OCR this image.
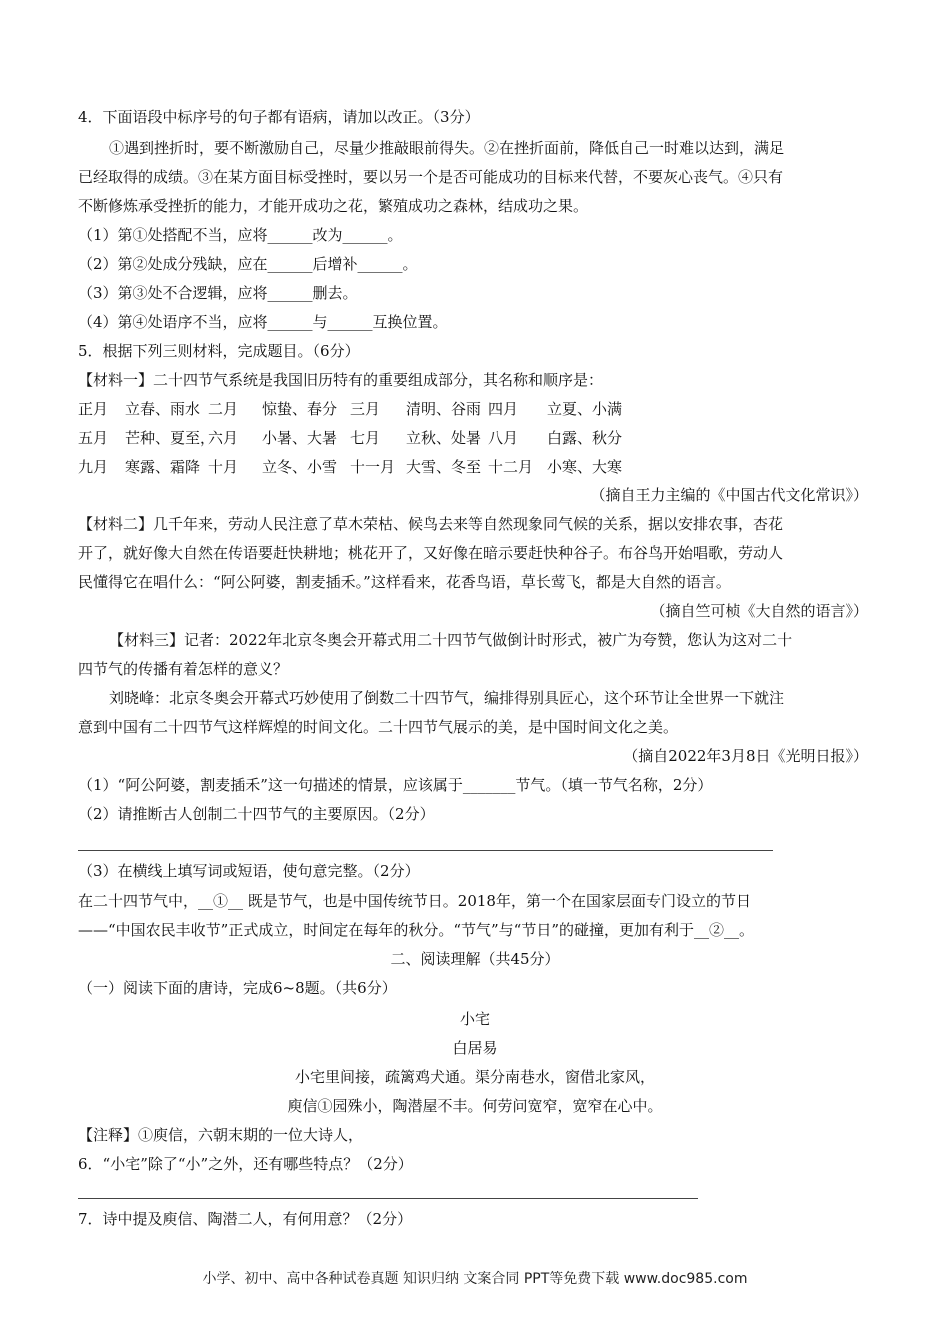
4．下面语段中标序号的句子都有语病，请加以改正。（3分）
①遇到挫折时，要不断激励自己，尽量少推敲眼前得失。②在挫折面前，降低自己一时难以达到，满足
已经取得的成绩。③在某方面目标受挫时，要以另一个是否可能成功的目标来代替，不要灰心丧气。④只有
不断修炼承受挫折的能力，才能开成功之花，繁殖成功之森林，结成功之果。
（1）第①处搭配不当，应将______改为______。
（2）第②处成分残缺，应在______后增补______。
（3）第③处不合逻辑，应将______删去。
（4）第④处语序不当，应将______与______互换位置。
5．根据下列三则材料，完成题目。（6分）
【材料一】二十四节气系统是我国旧历特有的重要组成部分，其名称和顺序是：
正月 立春、雨水 二月 惊蛰、春分 三月 清明、谷雨 四月 立夏、小满
五月 芒种、夏至，
六月 小暑、大暑 七月 立秋、处暑 八月 白露、秋分
九月 寒露、霜降 十月 立冬、小雪 十一月 大雪、冬至 十二月 小寒、大寒
（摘自王力主编的《中国古代文化常识》）
【材料二】几千年来，劳动人民注意了草木荣枯、候鸟去来等自然现象同气候的关系，据以安排农事，杏花
开了，就好像大自然在传语要赶快耕地；桃花开了，又好像在暗示要赶快种谷子。布谷鸟开始唱歌，劳动人
民懂得它在唱什么：“阿公阿婆，割麦插禾。”这样看来，花香鸟语，草长莺飞，都是大自然的语言。
（摘自竺可桢《大自然的语言》）
【材料三】记者：2022年北京冬奥会开幕式用二十四节气做倒计时形式，被广为夸赞，您认为这对二十
四节气的传播有着怎样的意义？
刘晓峰：北京冬奥会开幕式巧妙使用了倒数二十四节气，编排得别具匠心，这个环节让全世界一下就注
意到中国有二十四节气这样辉煌的时间文化。二十四节气展示的美，是中国时间文化之美。
（摘自2022年3月8日《光明日报》）
（1）“阿公阿婆，割麦插禾”这一句描述的情景，应该属于_______节气。（填一节气名称，2分）
（2）请推断古人创制二十四节气的主要原因。（2分）
（3）在横线上填写词或短语，使句意完整。（2分）
在二十四节气中，__①__ 既是节气，也是中国传统节日。2018年，第一个在国家层面专门设立的节日
——“中国农民丰收节”正式成立，时间定在每年的秋分。“节气”与“节日”的碰撞，更加有利于__②__。
二、阅读理解（共45分）
（一）阅读下面的唐诗，完成6~8题。（共6分）
小宅
白居易
小宅里间接，疏篱鸡犬通。渠分南巷水，窗借北家风，
庾信①园殊小，陶潜屋不丰。何劳问宽窄，宽窄在心中。
【注释】①庾信，六朝末期的一位大诗人，
6．“小宅”除了“小”之外，还有哪些特点？（2分）
7．诗中提及庾信、陶潜二人，有何用意？（2分）
小学、初中、高中各种试卷真题 知识归纳 文案合同 PPT等免费下载 www.doc985.com
